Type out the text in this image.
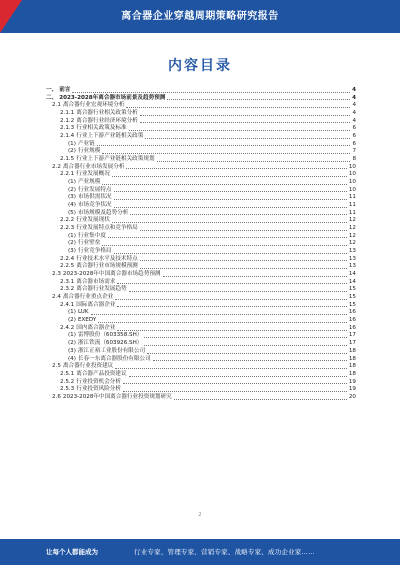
离合器企业穿越周期策略研究报告
内容目录
一、 前言	4
二、 2023-2028年离合器市场前景及趋势预测	4
2.1 离合器行业宏观环境分析	4
2.1.1 离合器行业相关政策分析	4
2.1.2 离合器行业经济环境分析	4
2.1.3 行业相关政策及标准	6
2.1.4 行业上下游产业链相关政策	6
(1) 产业链	6
(2) 行业规模	7
2.1.5 行业上下游产业链相关政策规划	8
2.2 离合器行业市场发展分析	10
2.2.1 行业发展概况	10
(1) 产业规模	10
(2) 行业发展特点	10
(3) 市场供需状况	11
(4) 市场竞争状况	11
(5) 市场规模及趋势分析	11
2.2.2 行业发展现状	12
2.2.3 行业发展特点和竞争格局	12
(1) 行业集中度	12
(2) 行业壁垒	12
(3) 行业竞争格局	13
2.2.4 行业技术水平及技术特点	13
2.2.5 离合器行业市场规模预测	13
2.3 2023-2028年中国离合器市场趋势预测	14
2.3.1 离合器市场需求	14
2.3.2 离合器行业发展趋势	15
2.4 离合器行业重点企业	15
2.4.1 国际离合器企业	15
(1) LUK	16
(2) EXEDY	16
2.4.2 国内离合器企业	16
(1) 雷博股份（603358.SH）	17
(2) 浙江铁流（603926.SH）	17
(3) 浙江正裕工业股份有限公司	18
(4) 长春一东离合器股份有限公司	18
2.5 离合器行业投资建议	18
2.5.1 离合器产品投资建议	18
2.5.2 行业投资机会分析	19
2.5.3 行业投资风险分析	19
2.6 2023-2028年中国离合器行业投资规划研究	20
2
让每个人都能成为	行业专家、管理专家、营销专家、战略专家、成功企业家……
